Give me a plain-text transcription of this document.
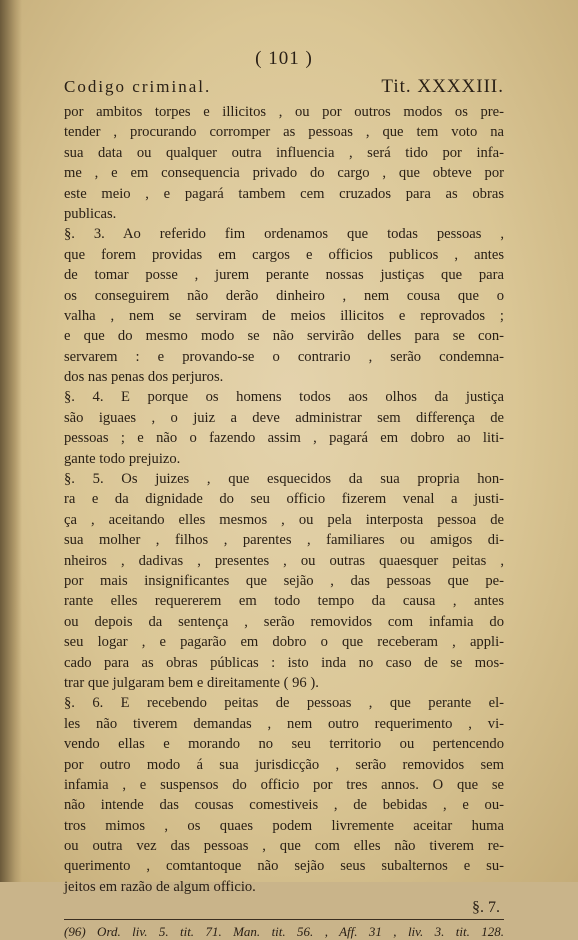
( 101 )
Codigo criminal.	Tit. XXXXIII.
por ambitos torpes e illicitos , ou por outros modos os pre-
tender , procurando corromper as pessoas , que tem voto na
sua data ou qualquer outra influencia , será tido por infa-
me , e em consequencia privado do cargo , que obteve por
este meio , e pagará tambem cem cruzados para as obras
publicas.
§. 3. Ao referido fim ordenamos que todas pessoas ,
que forem providas em cargos e officios publicos , antes
de tomar posse , jurem perante nossas justiças que para
os conseguirem não derão dinheiro , nem cousa que o
valha , nem se serviram de meios illicitos e reprovados ;
e que do mesmo modo se não servirão delles para se con-
servarem : e provando-se o contrario , serão condemna-
dos nas penas dos perjuros.
§. 4. E porque os homens todos aos olhos da justiça
são iguaes , o juiz a deve administrar sem differença de
pessoas ; e não o fazendo assim , pagará em dobro ao liti-
gante todo prejuizo.
§. 5. Os juizes , que esquecidos da sua propria hon-
ra e da dignidade do seu officio fizerem venal a justi-
ça , aceitando elles mesmos , ou pela interposta pessoa de
sua molher , filhos , parentes , familiares ou amigos di-
nheiros , dadivas , presentes , ou outras quaesquer peitas ,
por mais insignificantes que sejão , das pessoas que pe-
rante elles requererem em todo tempo da causa , antes
ou depois da sentença , serão removidos com infamia do
seu logar , e pagarão em dobro o que receberam , appli-
cado para as obras públicas : isto inda no caso de se mos-
trar que julgaram bem e direitamente ( 96 ).
§. 6. E recebendo peitas de pessoas , que perante el-
les não tiverem demandas , nem outro requerimento , vi-
vendo ellas e morando no seu territorio ou pertencendo
por outro modo á sua jurisdicção , serão removidos sem
infamia , e suspensos do officio por tres annos. O que se
não intende das cousas comestiveis , de bebidas , e ou-
tros mimos , os quaes podem livremente aceitar huma
ou outra vez das pessoas , que com elles não tiverem re-
querimento , comtantoque não sejão seus subalternos e su-
jeitos em razão de algum officio.
§. 7.
(96) Ord. liv. 5. tit. 71. Man. tit. 56. , Aff. 31 , liv. 3. tit. 128.
